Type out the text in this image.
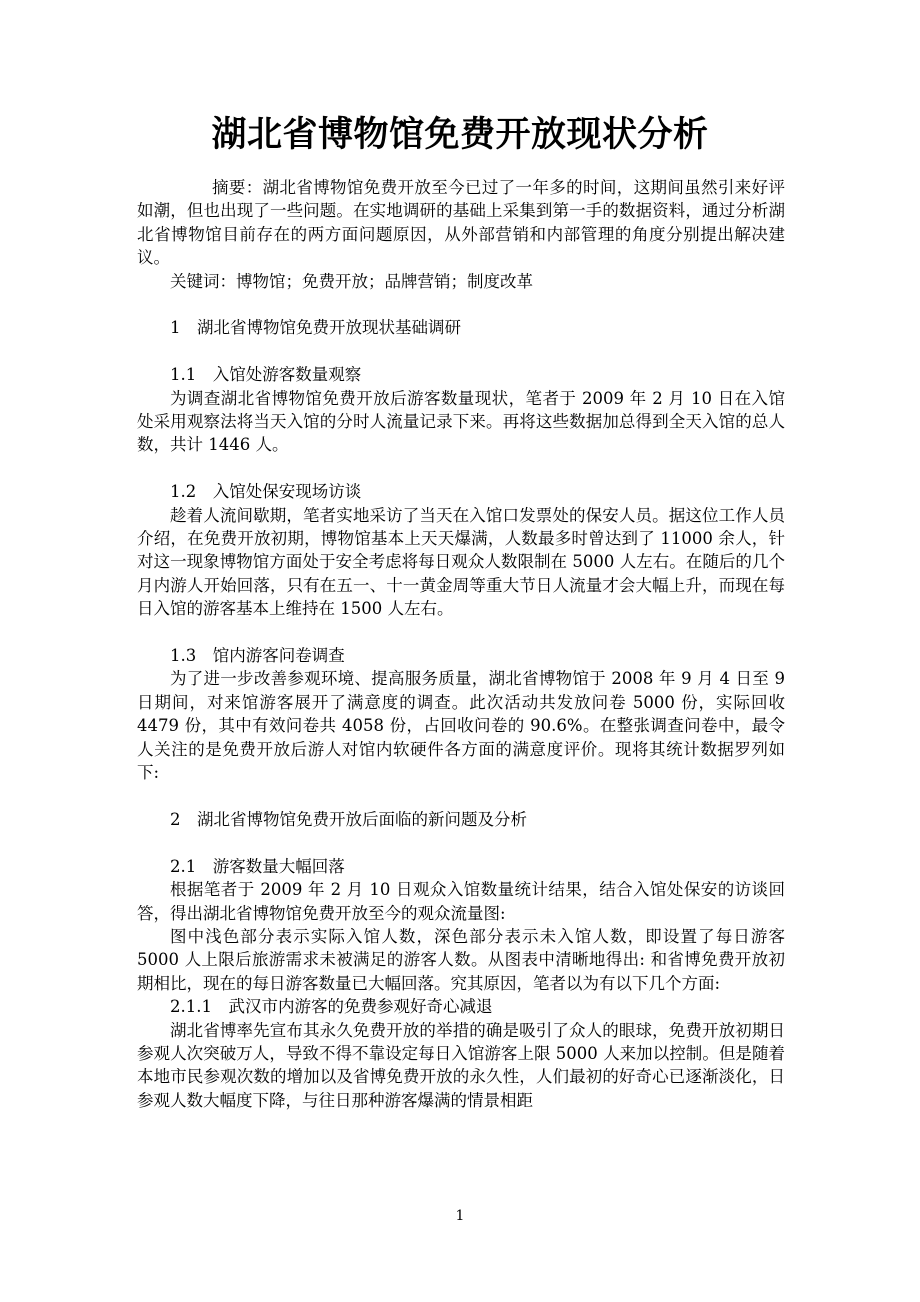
湖北省博物馆免费开放现状分析

摘要：湖北省博物馆免费开放至今已过了一年多的时间，这期间虽然引来好评如潮，但也出现了一些问题。在实地调研的基础上采集到第一手的数据资料，通过分析湖北省博物馆目前存在的两方面问题原因，从外部营销和内部管理的角度分别提出解决建议。

关键词：博物馆；免费开放；品牌营销；制度改革

1　湖北省博物馆免费开放现状基础调研

1.1　入馆处游客数量观察

为调查湖北省博物馆免费开放后游客数量现状，笔者于 2009 年 2 月 10 日在入馆处采用观察法将当天入馆的分时人流量记录下来。再将这些数据加总得到全天入馆的总人数，共计 1446 人。

1.2　入馆处保安现场访谈

趁着人流间歇期，笔者实地采访了当天在入馆口发票处的保安人员。据这位工作人员介绍，在免费开放初期，博物馆基本上天天爆满，人数最多时曾达到了 11000 余人，针对这一现象博物馆方面处于安全考虑将每日观众人数限制在 5000 人左右。在随后的几个月内游人开始回落，只有在五一、十一黄金周等重大节日人流量才会大幅上升，而现在每日入馆的游客基本上维持在 1500 人左右。

1.3　馆内游客问卷调查

为了进一步改善参观环境、提高服务质量，湖北省博物馆于 2008 年 9 月 4 日至 9 日期间，对来馆游客展开了满意度的调查。此次活动共发放问卷 5000 份，实际回收 4479 份，其中有效问卷共 4058 份，占回收问卷的 90.6%。在整张调查问卷中，最令人关注的是免费开放后游人对馆内软硬件各方面的满意度评价。现将其统计数据罗列如下:

2　湖北省博物馆免费开放后面临的新问题及分析

2.1　游客数量大幅回落

根据笔者于 2009 年 2 月 10 日观众入馆数量统计结果，结合入馆处保安的访谈回答，得出湖北省博物馆免费开放至今的观众流量图:

图中浅色部分表示实际入馆人数，深色部分表示未入馆人数，即设置了每日游客 5000 人上限后旅游需求未被满足的游客人数。从图表中清晰地得出: 和省博免费开放初期相比，现在的每日游客数量已大幅回落。究其原因，笔者以为有以下几个方面:

2.1.1　武汉市内游客的免费参观好奇心减退

湖北省博率先宣布其永久免费开放的举措的确是吸引了众人的眼球，免费开放初期日参观人次突破万人，导致不得不靠设定每日入馆游客上限 5000 人来加以控制。但是随着本地市民参观次数的增加以及省博免费开放的永久性，人们最初的好奇心已逐渐淡化，日参观人数大幅度下降，与往日那种游客爆满的情景相距

1
